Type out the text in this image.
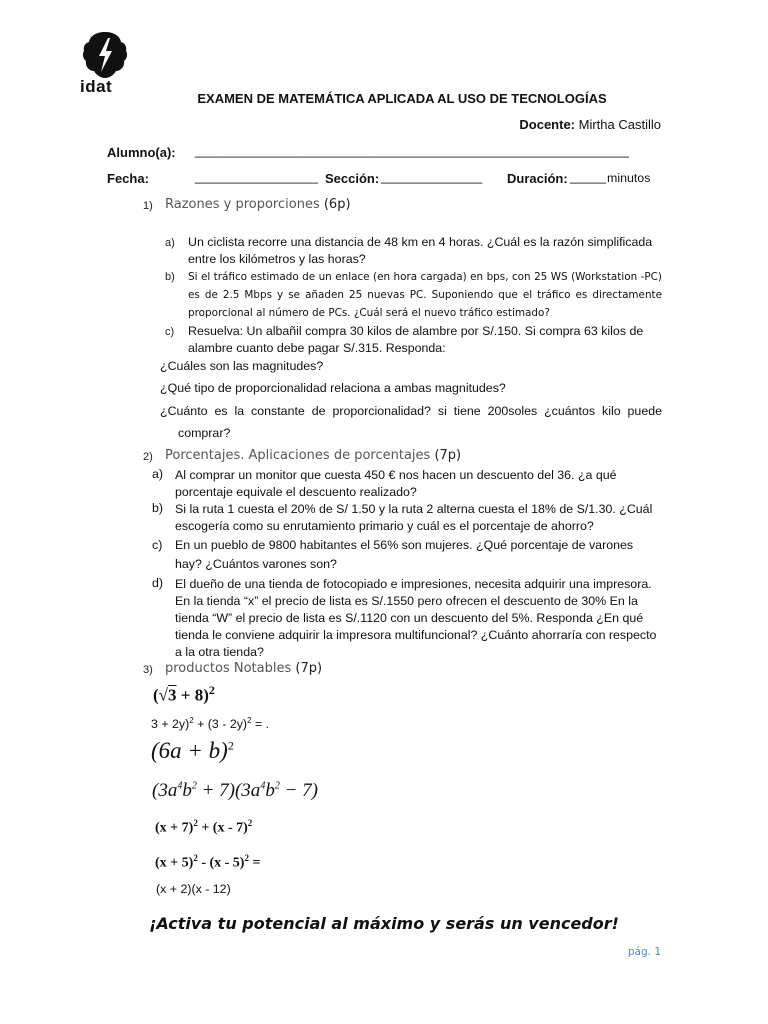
idat
EXAMEN DE MATEMÁTICA APLICADA AL USO DE TECNOLOGÍAS
Docente: Mirtha Castillo
Alumno(a): ____________________________________________________________
Fecha:	_________________ Sección: ______________ Duración: _____ minutos
1) Razones y proporciones (6p)
a) Un ciclista recorre una distancia de 48 km en 4 horas. ¿Cuál es la razón simplificada entre los kilómetros y las horas?
b) Si el tráfico estimado de un enlace (en hora cargada) en bps, con 25 WS (Workstation -PC) es de 2.5 Mbps y se añaden 25 nuevas PC. Suponiendo que el tráfico es directamente proporcional al número de PCs. ¿Cuál será el nuevo tráfico estimado?
c) Resuelva: Un albañil compra 30 kilos de alambre por S/.150. Si compra 63 kilos de alambre cuanto debe pagar S/.315. Responda:
¿Cuáles son las magnitudes?
¿Qué tipo de proporcionalidad relaciona a ambas magnitudes?
¿Cuánto es la constante de proporcionalidad? si tiene 200soles ¿cuántos kilo puede
comprar?
2) Porcentajes. Aplicaciones de porcentajes (7p)
a) Al comprar un monitor que cuesta 450 € nos hacen un descuento del 36. ¿a qué porcentaje equivale el descuento realizado?
b) Si la ruta 1 cuesta el 20% de S/ 1.50 y la ruta 2 alterna cuesta el 18% de S/1.30. ¿Cuál escogería como su enrutamiento primario y cuál es el porcentaje de ahorro?
c) En un pueblo de 9800 habitantes el 56% son mujeres. ¿Qué porcentaje de varones
hay? ¿Cuántos varones son?
d) El dueño de una tienda de fotocopiado e impresiones, necesita adquirir una impresora. En la tienda “x” el precio de lista es S/.1550 pero ofrecen el descuento de 30% En la tienda “W” el precio de lista es S/.1120 con un descuento del 5%. Responda ¿En qué tienda le conviene adquirir la impresora multifuncional? ¿Cuánto ahorraría con respecto a la otra tienda?
3) productos Notables (7p)
$(√3 + 8)^2$
3 + 2y)$^2$ + (3 - 2y)$^2$ = .
$(6a + b)^2$
$(3a^4b^2 + 7)(3a^4b^2 - 7)$
$(x + 7)^2 + (x - 7)^2$
$(x + 5)^2 - (x - 5)^2$ =
(x + 2)(x - 12)
¡Activa tu potencial al máximo y serás un vencedor!
pág. 1
